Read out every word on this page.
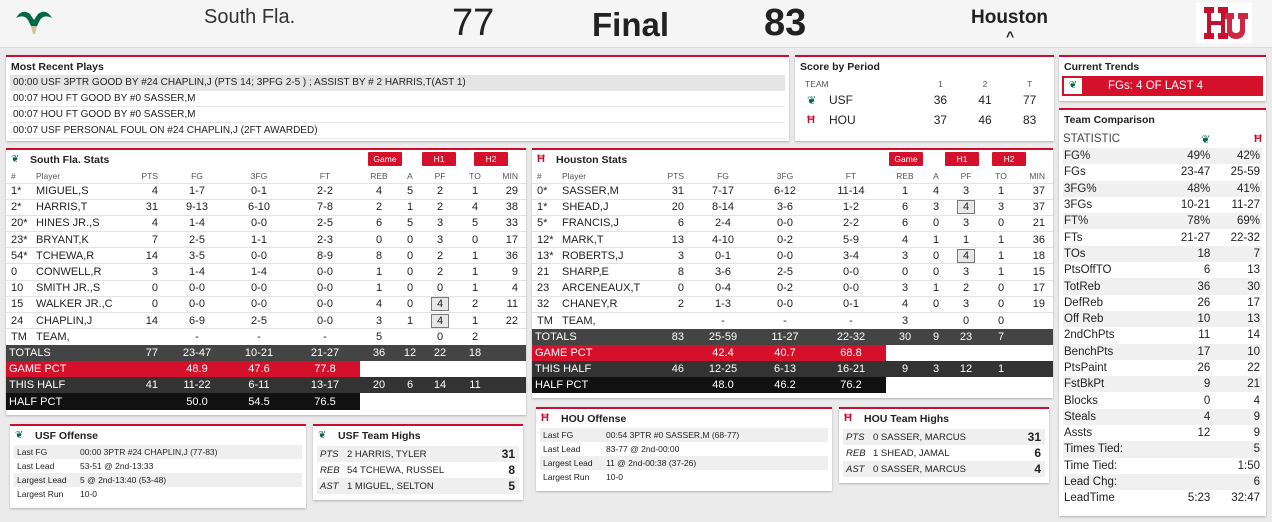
South Fla.	77	Final 83	Houston
^
Most Recent Plays
00:00 USF 3PTR GOOD BY #24 CHAPLIN,J (PTS 14; 3PFG 2-5 ) ; ASSIST BY # 2 HARRIS,T(AST 1)
00:07 HOU FT GOOD BY #0 SASSER,M
00:07 HOU FT GOOD BY #0 SASSER,M
00:07 USF PERSONAL FOUL ON #24 CHAPLIN,J (2FT AWARDED)
Score by Period
TEAM		1	2	T
❦	USF	36	41	77
Ħ	HOU	37	46	83
Current Trends
❦	FGs: 4 OF LAST 4
Team Comparison
STATISTIC	❦	Ħ
FG%	49%	42%
FGs	23-47	25-59
3FG%	48%	41%
3FGs	10-21	11-27
FT%	78%	69%
FTs	21-27	22-32
TOs	18	7
PtsOffTO	6	13
TotReb	36	30
DefReb	26	17
Off Reb	10	13
2ndChPts	11	14
BenchPts	17	10
PtsPaint	26	22
FstBkPt	9	21
Blocks	0	4
Steals	4	9
Assts	12	9
Times Tied:		5
Time Tied:		1:50
Lead Chg:		6
LeadTime	5:23	32:47
South Fla. Stats
❦	Game	H1	H2
#	Player	PTS	FG	3FG	FT	REB	A	PF	TO	MIN
1*	MIGUEL,S	4	1-7	0-1	2-2	4	5	2	1	29
2*	HARRIS,T	31	9-13	6-10	7-8	2	1	2	4	38
20*	HINES JR.,S	4	1-4	0-0	2-5	6	5	3	5	33
23*	BRYANT,K	7	2-5	1-1	2-3	0	0	3	0	17
54*	TCHEWA,R	14	3-5	0-0	8-9	8	0	2	1	36
0	CONWELL,R	3	1-4	1-4	0-0	1	0	2	1	9
10	SMITH JR.,S	0	0-0	0-0	0-0	1	0	0	1	4
15	WALKER JR.,C	0	0-0	0-0	0-0	4	0	4	2	11
24	CHAPLIN,J	14	6-9	2-5	0-0	3	1	4	1	22
TM	TEAM,		-	-	-	5		0	2	
TOTALS		77	23-47	10-21	21-27	36	12	22	18	
GAME PCT			48.9	47.6	77.8					
THIS HALF		41	11-22	6-11	13-17	20	6	14	11	
HALF PCT			50.0	54.5	76.5					
Houston Stats
Ħ	Game	H1	H2
#	Player	PTS	FG	3FG	FT	REB	A	PF	TO	MIN
0*	SASSER,M	31	7-17	6-12	11-14	1	4	3	1	37
1*	SHEAD,J	20	8-14	3-6	1-2	6	3	4	3	37
5*	FRANCIS,J	6	2-4	0-0	2-2	6	0	3	0	21
12*	MARK,T	13	4-10	0-2	5-9	4	1	1	1	36
13*	ROBERTS,J	3	0-1	0-0	3-4	3	0	4	1	18
21	SHARP,E	8	3-6	2-5	0-0	0	0	3	1	15
23	ARCENEAUX,T	0	0-4	0-2	0-0	3	1	2	0	17
32	CHANEY,R	2	1-3	0-0	0-1	4	0	3	0	19
TM	TEAM,		-	-	-	3		0	0	
TOTALS		83	25-59	11-27	22-32	30	9	23	7	
GAME PCT			42.4	40.7	68.8					
THIS HALF		46	12-25	6-13	16-21	9	3	12	1	
HALF PCT			48.0	46.2	76.2					
USF Offense
❦
Last FG	00:00 3PTR #24 CHAPLIN,J (77-83)
Last Lead	53-51 @ 2nd-13:33
Largest Lead	5 @ 2nd-13:40 (53-48)
Largest Run	10-0
USF Team Highs
❦
PTS	2 HARRIS, TYLER	31
REB	54 TCHEWA, RUSSEL	8
AST	1 MIGUEL, SELTON	5
HOU Offense
Ħ
Last FG	00:54 3PTR #0 SASSER,M (68-77)
Last Lead	83-77 @ 2nd-00:00
Largest Lead	11 @ 2nd-00:38 (37-26)
Largest Run	10-0
HOU Team Highs
Ħ
PTS	0 SASSER, MARCUS	31
REB	1 SHEAD, JAMAL	6
AST	0 SASSER, MARCUS	4
